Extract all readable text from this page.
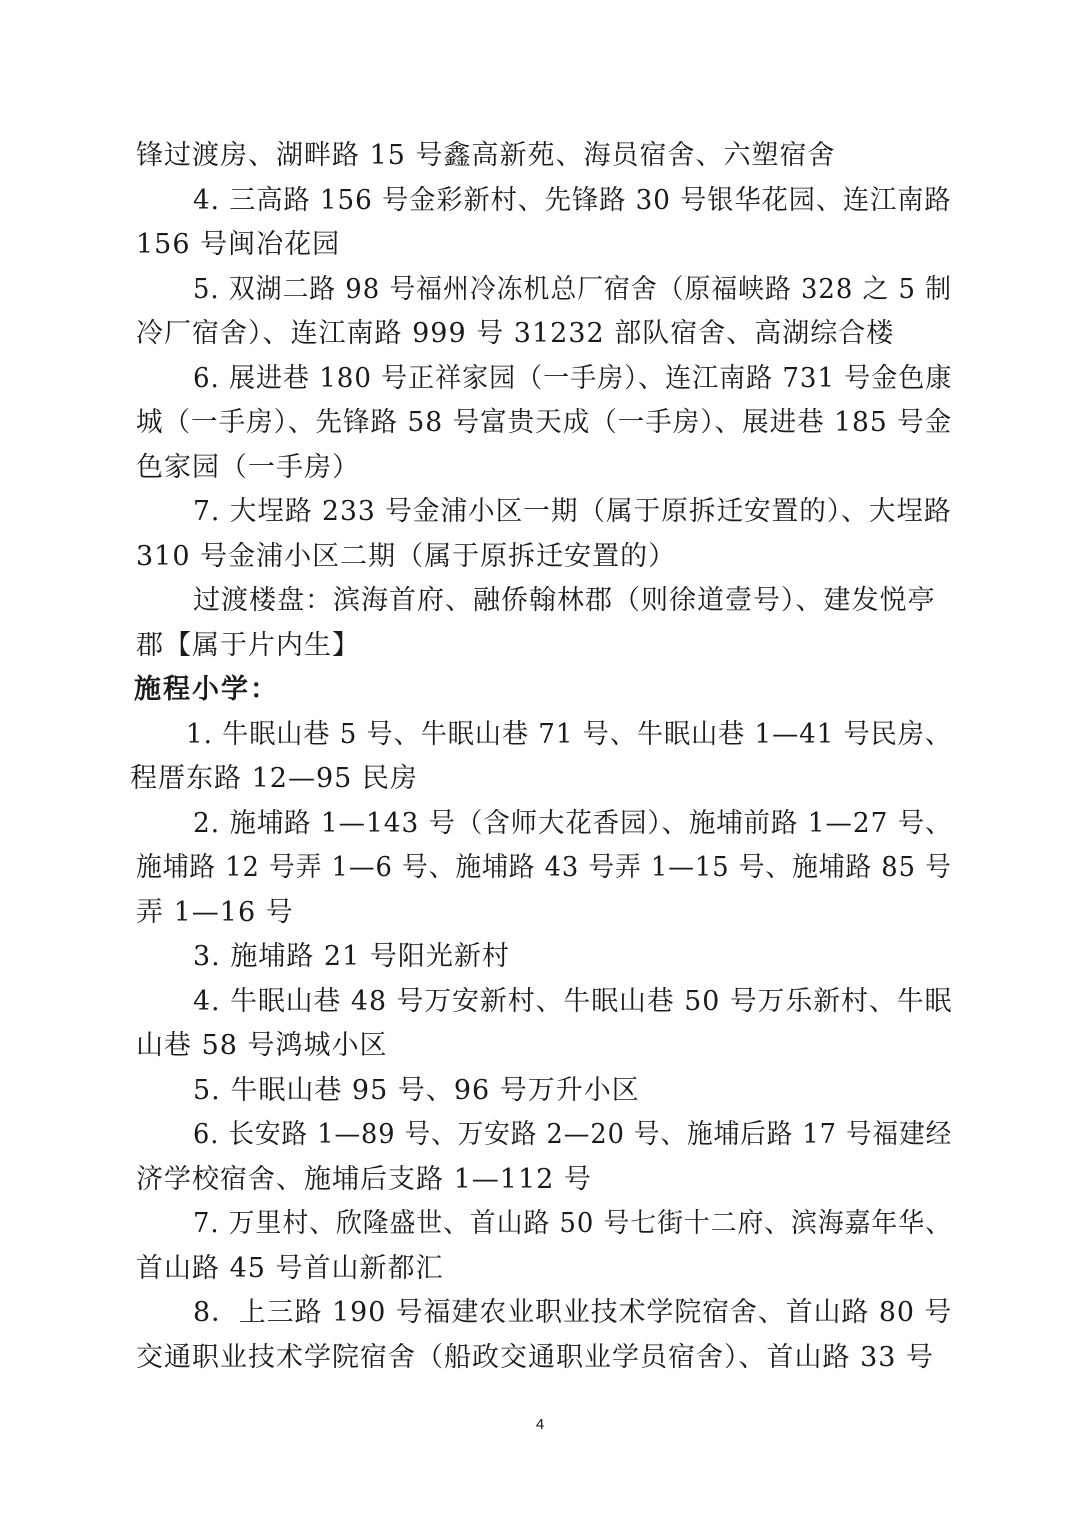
锋过渡房、湖畔路 15 号鑫高新苑、海员宿舍、六塑宿舍
4. 三高路 156 号金彩新村、先锋路 30 号银华花园、连江南路
156 号闽冶花园
5. 双湖二路 98 号福州冷冻机总厂宿舍（原福峡路 328 之 5 制
冷厂宿舍）、连江南路 999 号 31232 部队宿舍、高湖综合楼
6. 展进巷 180 号正祥家园（一手房）、连江南路 731 号金色康
城（一手房）、先锋路 58 号富贵天成（一手房）、展进巷 185 号金
色家园（一手房）
7. 大埕路 233 号金浦小区一期（属于原拆迁安置的）、大埕路
310 号金浦小区二期（属于原拆迁安置的）
过渡楼盘：滨海首府、融侨翰林郡（则徐道壹号）、建发悦亭
郡【属于片内生】
施程小学：
1. 牛眠山巷 5 号、牛眠山巷 71 号、牛眠山巷 1—41 号民房、
程厝东路 12—95 民房
2. 施埔路 1—143 号（含师大花香园）、施埔前路 1—27 号、
施埔路 12 号弄 1—6 号、施埔路 43 号弄 1—15 号、施埔路 85 号
弄 1—16 号
3. 施埔路 21 号阳光新村
4. 牛眠山巷 48 号万安新村、牛眠山巷 50 号万乐新村、牛眠
山巷 58 号鸿城小区
5. 牛眠山巷 95 号、96 号万升小区
6. 长安路 1—89 号、万安路 2—20 号、施埔后路 17 号福建经
济学校宿舍、施埔后支路 1—112 号
7. 万里村、欣隆盛世、首山路 50 号七街十二府、滨海嘉年华、
首山路 45 号首山新都汇
8．上三路 190 号福建农业职业技术学院宿舍、首山路 80 号
交通职业技术学院宿舍（船政交通职业学员宿舍）、首山路 33 号
4
